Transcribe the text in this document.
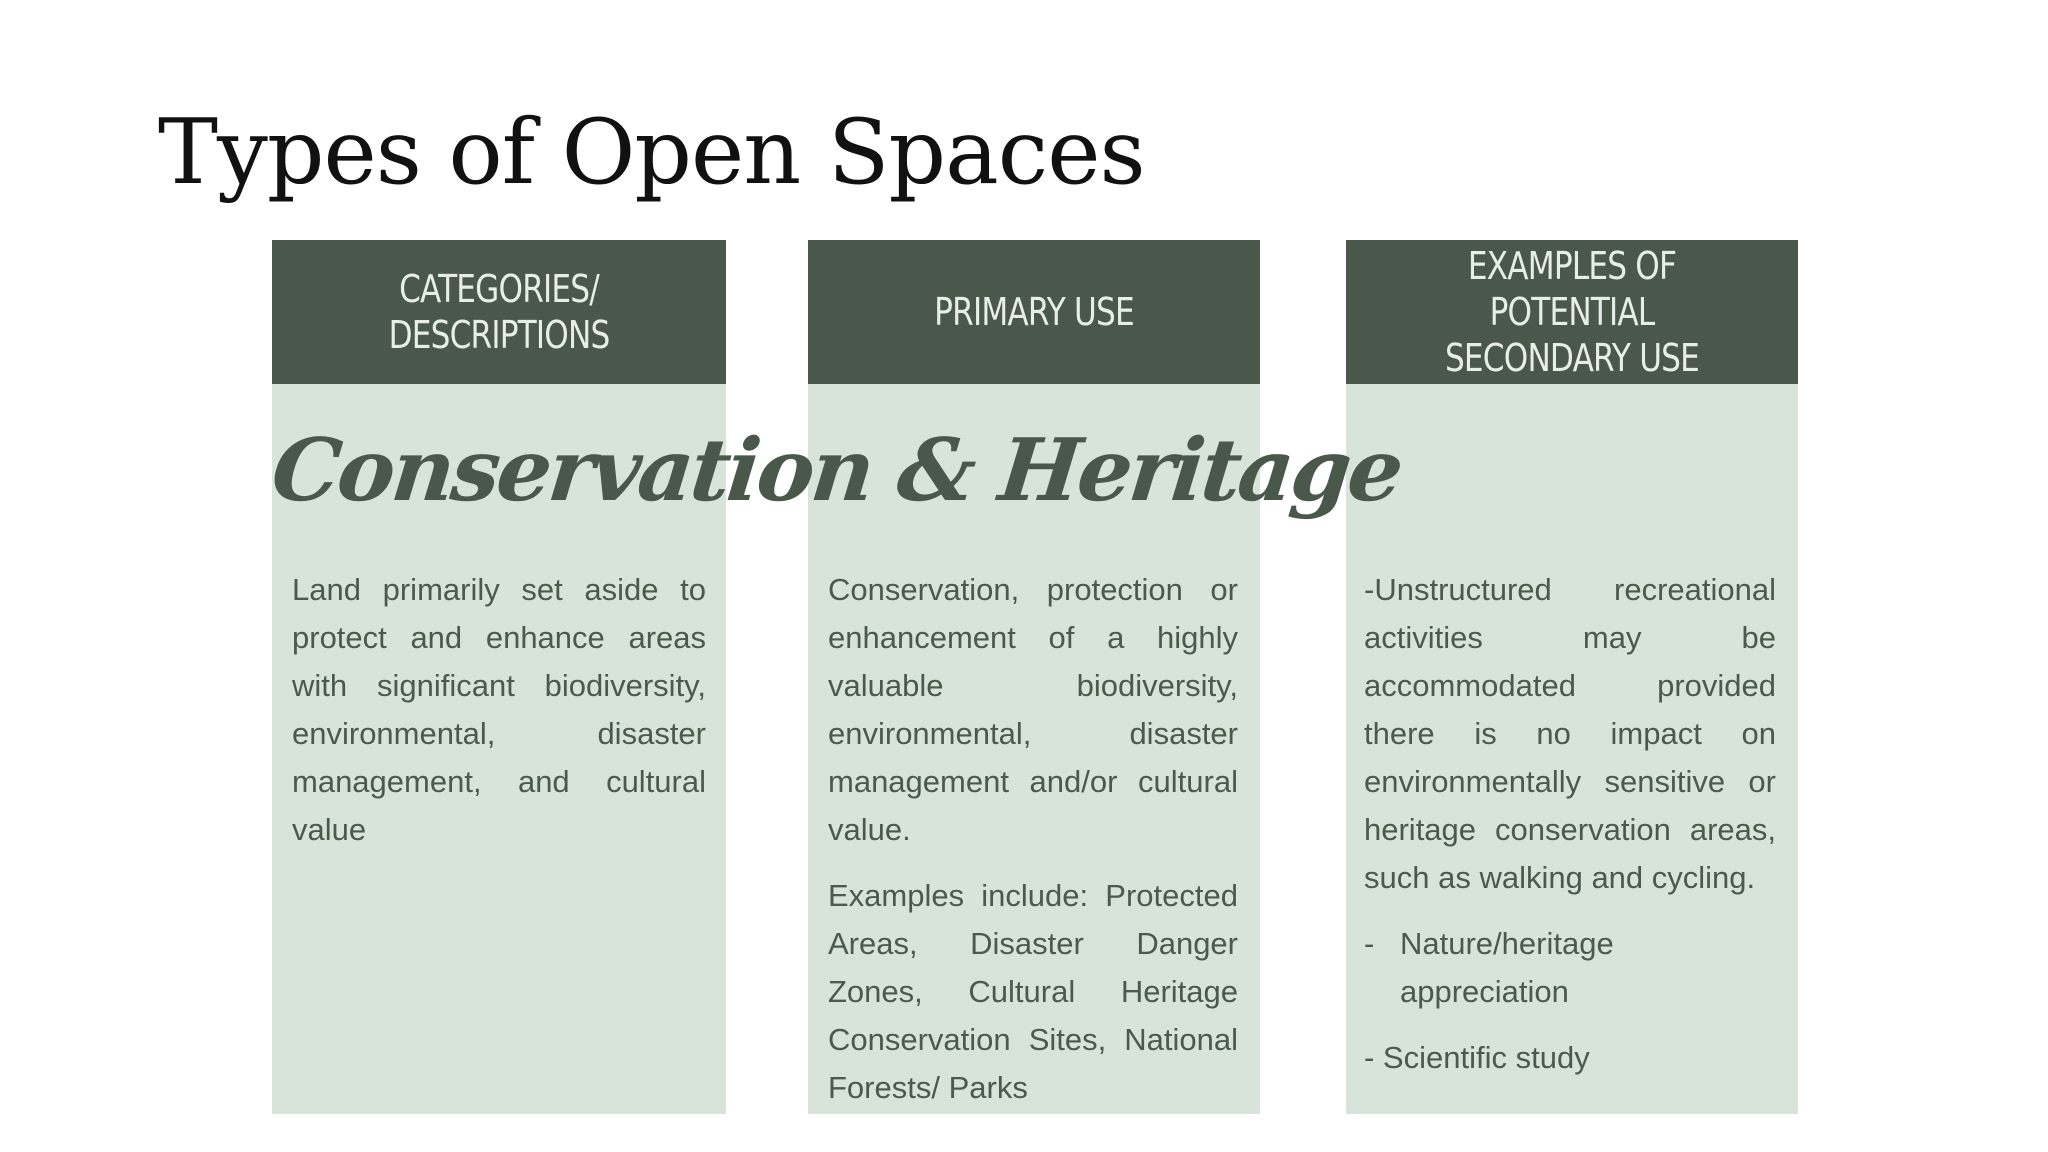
Types of Open Spaces
CATEGORIES/
DESCRIPTIONS

Land primarily set aside to protect and enhance areas with significant biodiversity, environmental, disaster management, and cultural value

PRIMARY USE

Conservation, protection or enhancement of a highly valuable biodiversity, environmental, disaster management and/or cultural value.

Examples include: Protected Areas, Disaster Danger Zones, Cultural Heritage Conservation Sites, National Forests/ Parks

EXAMPLES OF POTENTIAL
SECONDARY USE

-Unstructured recreational activities may be accommodated provided there is no impact on environmentally sensitive or heritage conservation areas, such as walking and cycling.

- Nature/heritage appreciation

- Scientific study

Conservation & Heritage
